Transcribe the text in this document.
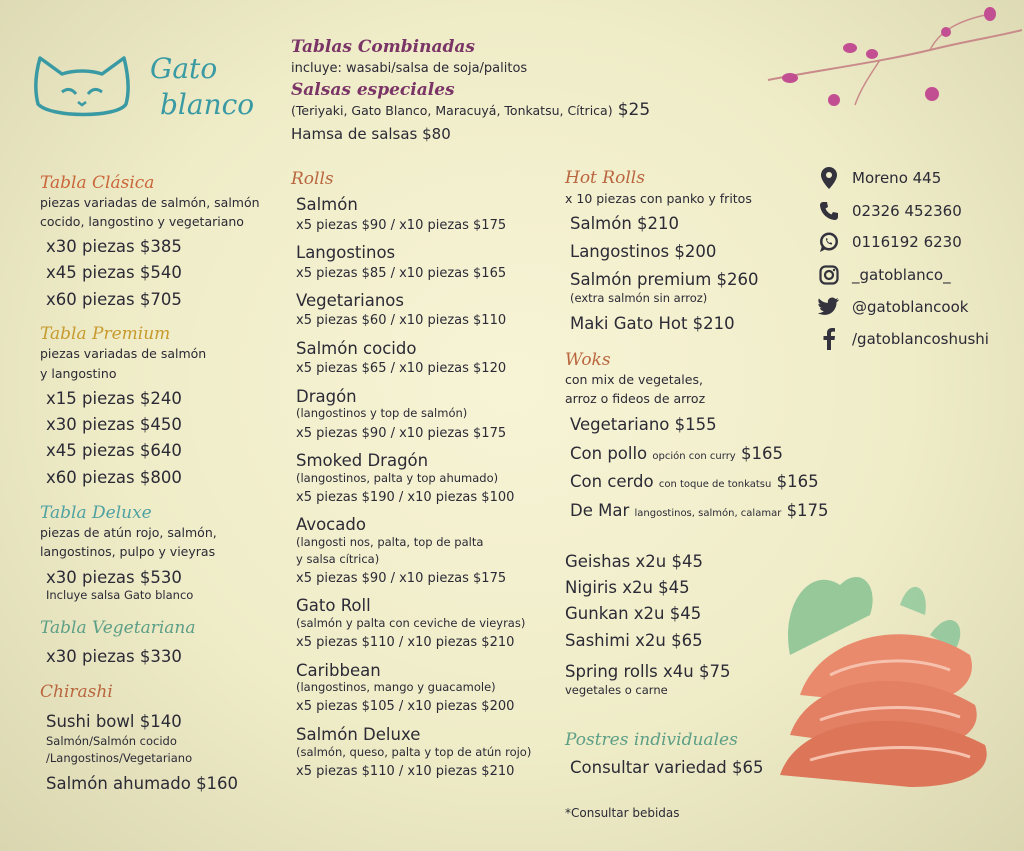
Gato
blanco
Tablas Combinadas
incluye: wasabi/salsa de soja/palitos
Salsas especiales
(Teriyaki, Gato Blanco, Maracuyá, Tonkatsu, Cítrica) $25
Hamsa de salsas $80
Tabla Clásica
piezas variadas de salmón, salmón
cocido, langostino y vegetariano
x30 piezas $385
x45 piezas $540
x60 piezas $705
Tabla Premium
piezas variadas de salmón
y langostino
x15 piezas $240
x30 piezas $450
x45 piezas $640
x60 piezas $800
Tabla Deluxe
piezas de atún rojo, salmón,
langostinos, pulpo y vieyras
x30 piezas $530
Incluye salsa Gato blanco
Tabla Vegetariana
x30 piezas $330
Chirashi
Sushi bowl $140
Salmón/Salmón cocido
/Langostinos/Vegetariano
Salmón ahumado $160
Rolls
Salmón
x5 piezas $90 / x10 piezas $175
Langostinos
x5 piezas $85 / x10 piezas $165
Vegetarianos
x5 piezas $60 / x10 piezas $110
Salmón cocido
x5 piezas $65 / x10 piezas $120
Dragón
(langostinos y top de salmón)
x5 piezas $90 / x10 piezas $175
Smoked Dragón
(langostinos, palta y top ahumado)
x5 piezas $190 / x10 piezas $100
Avocado
(langosti nos, palta, top de palta
y salsa cítrica)
x5 piezas $90 / x10 piezas $175
Gato Roll
(salmón y palta con ceviche de vieyras)
x5 piezas $110 / x10 piezas $210
Caribbean
(langostinos, mango y guacamole)
x5 piezas $105 / x10 piezas $200
Salmón Deluxe
(salmón, queso, palta y top de atún rojo)
x5 piezas $110 / x10 piezas $210
Hot Rolls
x 10 piezas con panko y fritos
Salmón $210
Langostinos $200
Salmón premium $260
(extra salmón sin arroz)
Maki Gato Hot $210
Woks
con mix de vegetales,
arroz o fideos de arroz
Vegetariano $155
Con pollo opción con curry $165
Con cerdo con toque de tonkatsu $165
De Mar langostinos, salmón, calamar $175
Geishas x2u $45
Nigiris x2u $45
Gunkan x2u $45
Sashimi x2u $65
Spring rolls x4u $75
vegetales o carne
Postres individuales
Consultar variedad $65
*Consultar bebidas
Moreno 445
02326 452360
0116192 6230
_gatoblanco_
@gatoblancook
/gatoblancoshushi
